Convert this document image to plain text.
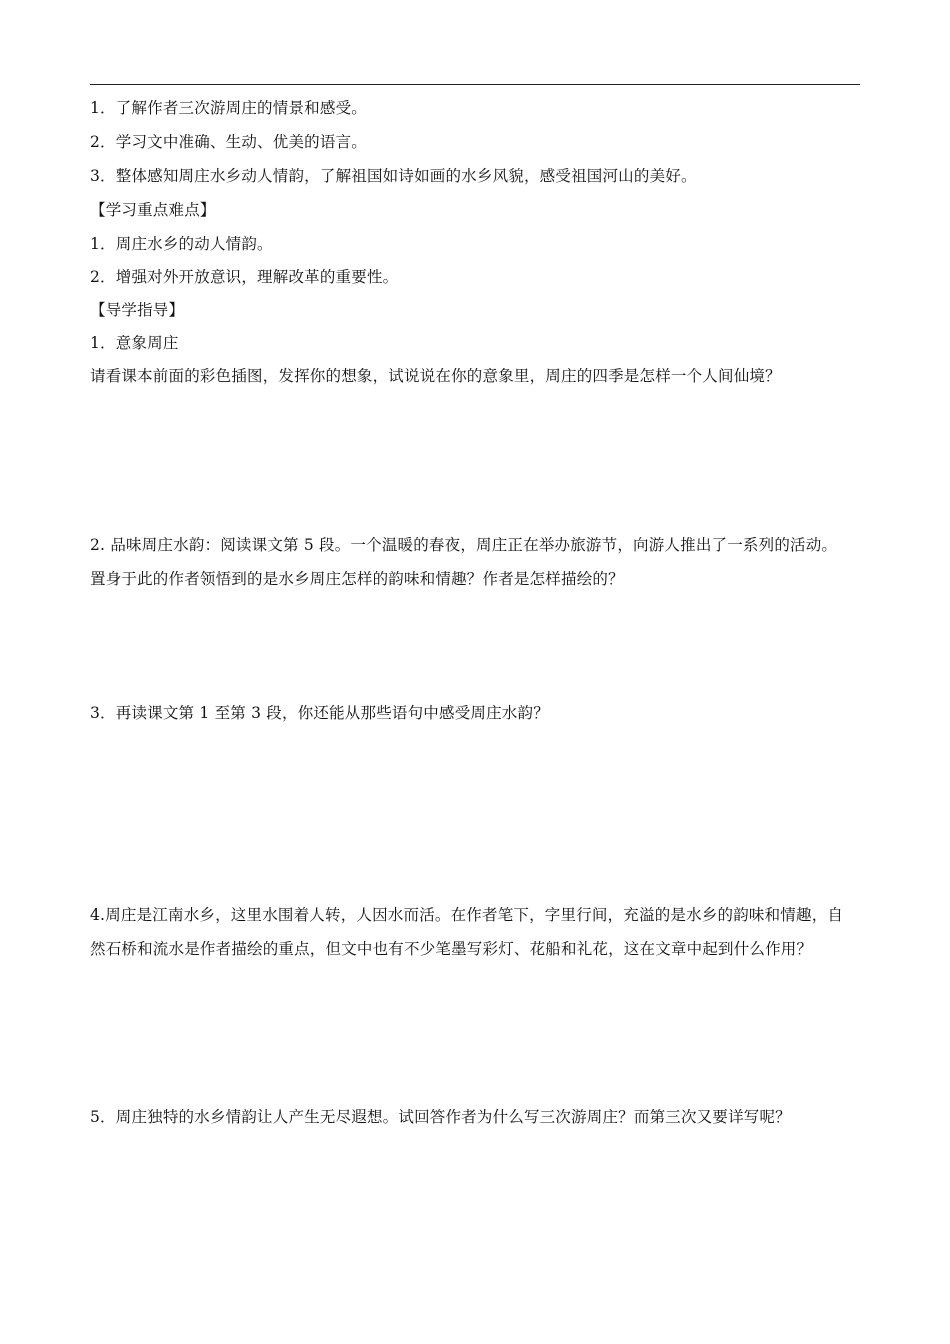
1．了解作者三次游周庄的情景和感受。
2．学习文中准确、生动、优美的语言。
3．整体感知周庄水乡动人情韵，了解祖国如诗如画的水乡风貌，感受祖国河山的美好。
【学习重点难点】
1．周庄水乡的动人情韵。
2．增强对外开放意识，理解改革的重要性。
【导学指导】
1．意象周庄
请看课本前面的彩色插图，发挥你的想象，试说说在你的意象里，周庄的四季是怎样一个人间仙境？
2. 品味周庄水韵：阅读课文第 5 段。一个温暖的春夜，周庄正在举办旅游节，向游人推出了一系列的活动。
置身于此的作者领悟到的是水乡周庄怎样的韵味和情趣？作者是怎样描绘的？
3．再读课文第 1 至第 3 段，你还能从那些语句中感受周庄水韵？
4.周庄是江南水乡，这里水围着人转，人因水而活。在作者笔下，字里行间，充溢的是水乡的韵味和情趣，自
然石桥和流水是作者描绘的重点，但文中也有不少笔墨写彩灯、花船和礼花，这在文章中起到什么作用？
5．周庄独特的水乡情韵让人产生无尽遐想。试回答作者为什么写三次游周庄？而第三次又要详写呢？
